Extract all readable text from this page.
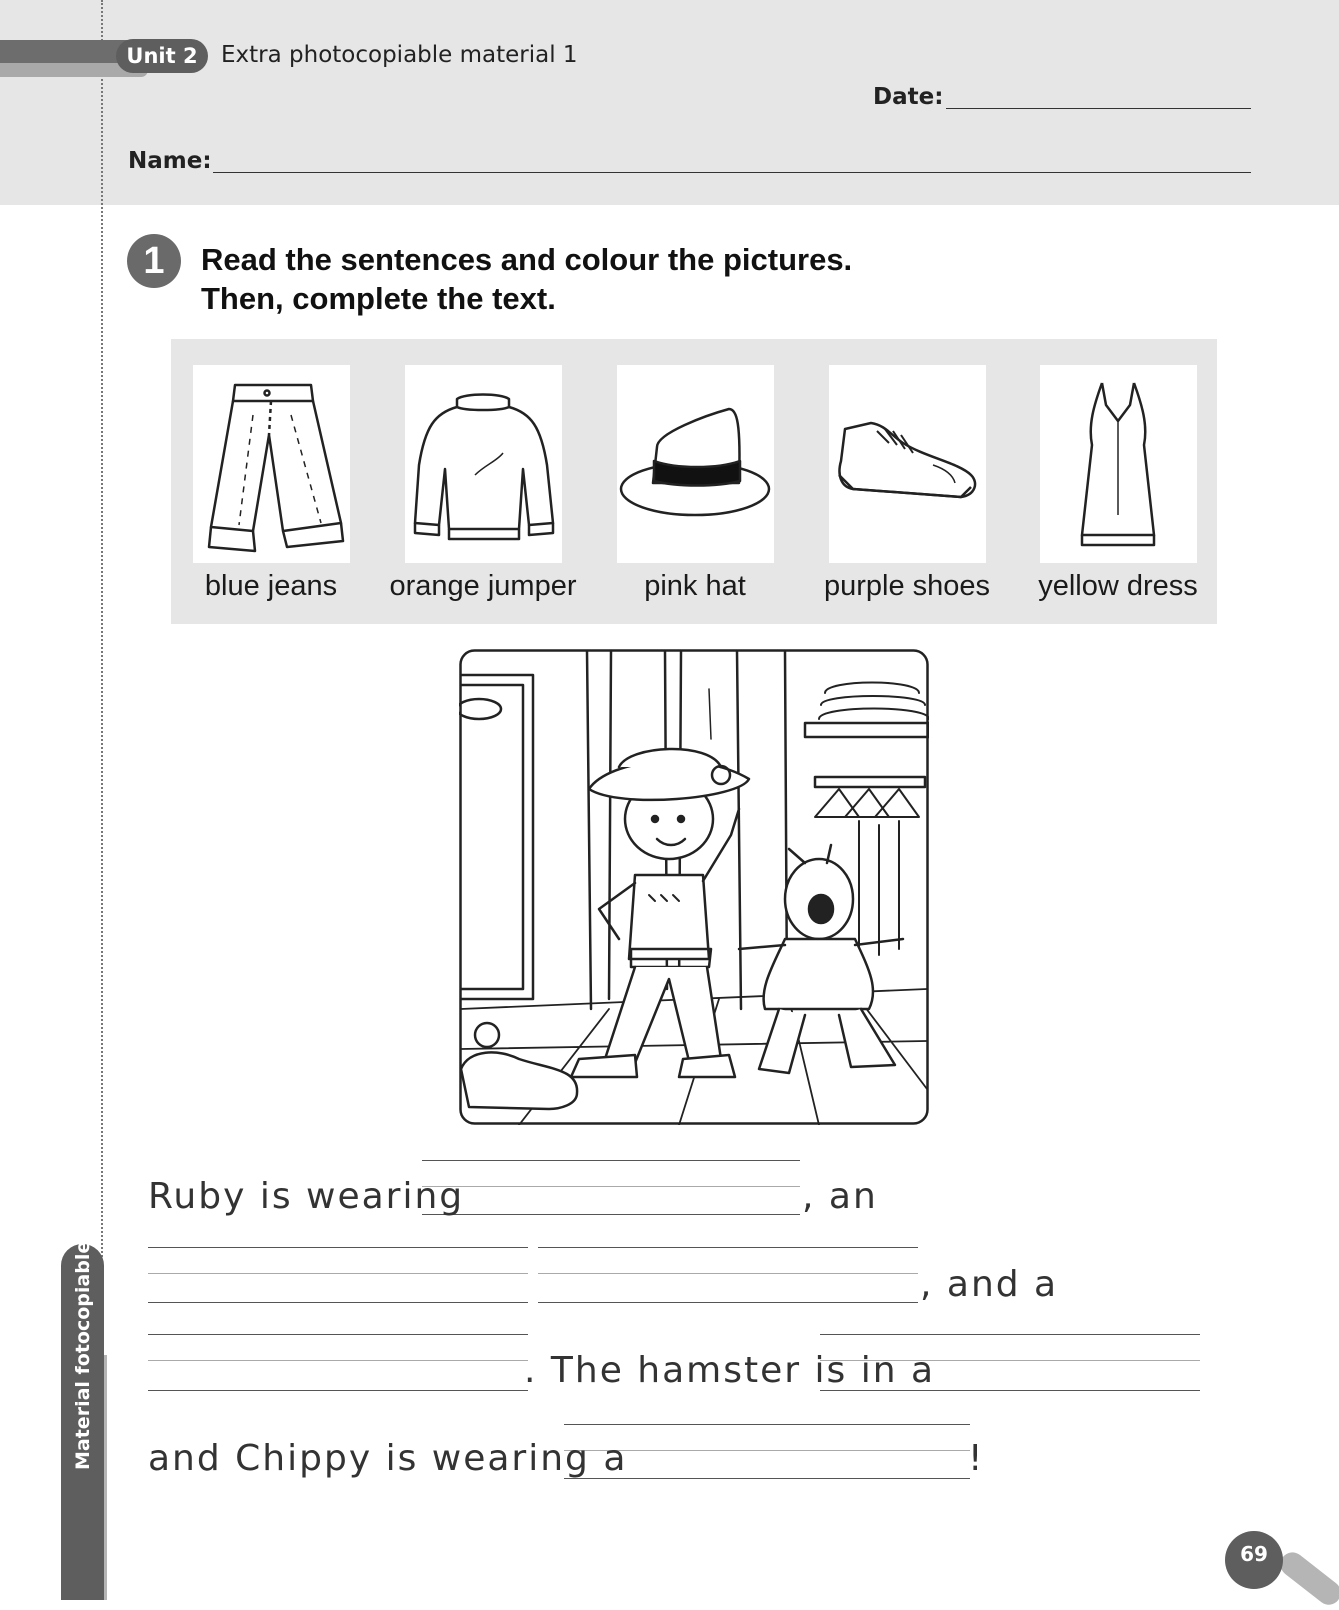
Unit 2	Extra photocopiable material 1
Date:
Name:
1	Read the sentences and colour the pictures.
Then, complete the text.
blue jeans	orange jumper	pink hat	purple shoes	yellow dress
Ruby is wearing	, an
, and a
. The hamster is in a
and Chippy is wearing a	!
Material fotocopiable
69
